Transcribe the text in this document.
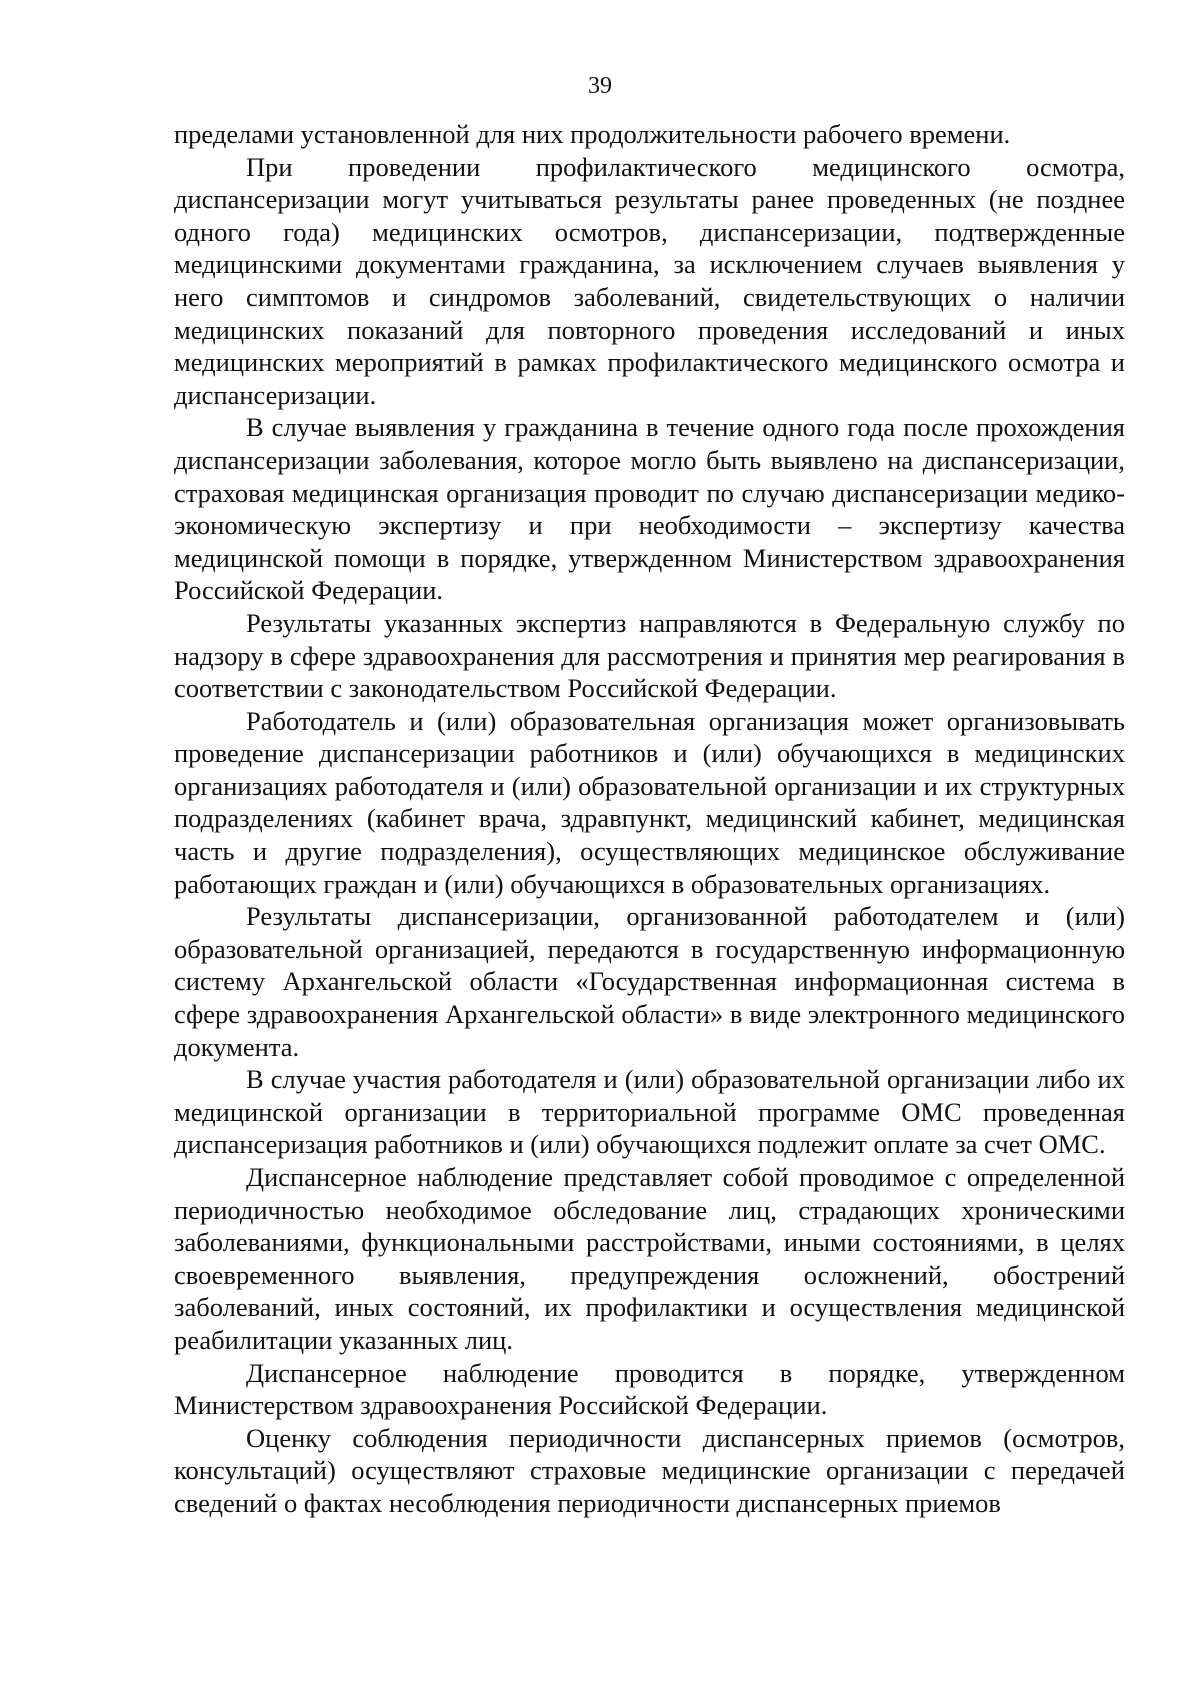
39

пределами установленной для них продолжительности рабочего времени.

При проведении профилактического медицинского осмотра, диспансеризации могут учитываться результаты ранее проведенных (не позднее одного года) медицинских осмотров, диспансеризации, подтвержденные медицинскими документами гражданина, за исключением случаев выявления у него симптомов и синдромов заболеваний, свидетельствующих о наличии медицинских показаний для повторного проведения исследований и иных медицинских мероприятий в рамках профилактического медицинского осмотра и диспансеризации.

В случае выявления у гражданина в течение одного года после прохождения диспансеризации заболевания, которое могло быть выявлено на диспансеризации, страховая медицинская организация проводит по случаю диспансеризации медико-экономическую экспертизу и при необходимости – экспертизу качества медицинской помощи в порядке, утвержденном Министерством здравоохранения Российской Федерации.

Результаты указанных экспертиз направляются в Федеральную службу по надзору в сфере здравоохранения для рассмотрения и принятия мер реагирования в соответствии с законодательством Российской Федерации.

Работодатель и (или) образовательная организация может организовывать проведение диспансеризации работников и (или) обучающихся в медицинских организациях работодателя и (или) образовательной организации и их структурных подразделениях (кабинет врача, здравпункт, медицинский кабинет, медицинская часть и другие подразделения), осуществляющих медицинское обслуживание работающих граждан и (или) обучающихся в образовательных организациях.

Результаты диспансеризации, организованной работодателем и (или) образовательной организацией, передаются в государственную информационную систему Архангельской области «Государственная информационная система в сфере здравоохранения Архангельской области» в виде электронного медицинского документа.

В случае участия работодателя и (или) образовательной организации либо их медицинской организации в территориальной программе ОМС проведенная диспансеризация работников и (или) обучающихся подлежит оплате за счет ОМС.

Диспансерное наблюдение представляет собой проводимое с определенной периодичностью необходимое обследование лиц, страдающих хроническими заболеваниями, функциональными расстройствами, иными состояниями, в целях своевременного выявления, предупреждения осложнений, обострений заболеваний, иных состояний, их профилактики и осуществления медицинской реабилитации указанных лиц.

Диспансерное наблюдение проводится в порядке, утвержденном Министерством здравоохранения Российской Федерации.

Оценку соблюдения периодичности диспансерных приемов (осмотров, консультаций) осуществляют страховые медицинские организации с передачей сведений о фактах несоблюдения периодичности диспансерных приемов
